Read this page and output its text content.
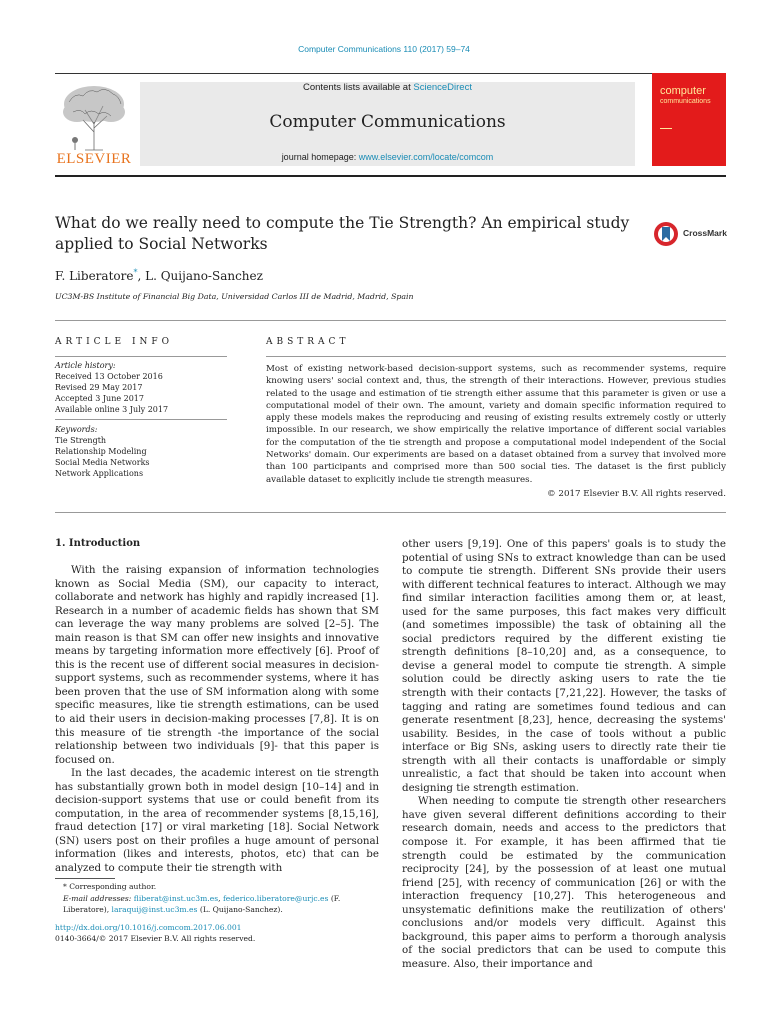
Computer Communications 110 (2017) 59–74
ELSEVIER
Contents lists available at ScienceDirect
Computer Communications
journal homepage: www.elsevier.com/locate/comcom
computer
communications
What do we really need to compute the Tie Strength? An empirical study applied to Social Networks
CrossMark
F. Liberatore*, L. Quijano-Sanchez
UC3M-BS Institute of Financial Big Data, Universidad Carlos III de Madrid, Madrid, Spain
ARTICLE INFO
Article history:
Received 13 October 2016
Revised 29 May 2017
Accepted 3 June 2017
Available online 3 July 2017
Keywords:
Tie Strength
Relationship Modeling
Social Media Networks
Network Applications
ABSTRACT
Most of existing network-based decision-support systems, such as recommender systems, require knowing users' social context and, thus, the strength of their interactions. However, previous studies related to the usage and estimation of tie strength either assume that this parameter is given or use a computational model of their own. The amount, variety and domain specific information required to apply these models makes the reproducing and reusing of existing results extremely costly or utterly impossible. In our research, we show empirically the relative importance of different social variables for the computation of the tie strength and propose a computational model independent of the Social Networks' domain. Our experiments are based on a dataset obtained from a survey that involved more than 100 participants and comprised more than 500 social ties. The dataset is the first publicly available dataset to explicitly include tie strength measures.
© 2017 Elsevier B.V. All rights reserved.
1. Introduction

With the raising expansion of information technologies known as Social Media (SM), our capacity to interact, collaborate and network has highly and rapidly increased [1]. Research in a number of academic fields has shown that SM can leverage the way many problems are solved [2–5]. The main reason is that SM can offer new insights and innovative means by targeting information more effectively [6]. Proof of this is the recent use of different social measures in decision-support systems, such as recommender systems, where it has been proven that the use of SM information along with some specific measures, like tie strength estimations, can be used to aid their users in decision-making processes [7,8]. It is on this measure of tie strength -the importance of the social relationship between two individuals [9]- that this paper is focused on.

In the last decades, the academic interest on tie strength has substantially grown both in model design [10–14] and in decision-support systems that use or could benefit from its computation, in the area of recommender systems [8,15,16], fraud detection [17] or viral marketing [18]. Social Network (SN) users post on their profiles a huge amount of personal information (likes and interests, photos, etc) that can be analyzed to compute their tie strength with

other users [9,19]. One of this papers' goals is to study the potential of using SNs to extract knowledge than can be used to compute tie strength. Different SNs provide their users with different technical features to interact. Although we may find similar interaction facilities among them or, at least, used for the same purposes, this fact makes very difficult (and sometimes impossible) the task of obtaining all the social predictors required by the different existing tie strength definitions [8–10,20] and, as a consequence, to devise a general model to compute tie strength. A simple solution could be directly asking users to rate the tie strength with their contacts [7,21,22]. However, the tasks of tagging and rating are sometimes found tedious and can generate resentment [8,23], hence, decreasing the systems' usability. Besides, in the case of tools without a public interface or Big SNs, asking users to directly rate their tie strength with all their contacts is unaffordable or simply unrealistic, a fact that should be taken into account when designing tie strength estimation.

When needing to compute tie strength other researchers have given several different definitions according to their research domain, needs and access to the predictors that compose it. For example, it has been affirmed that tie strength could be estimated by the communication reciprocity [24], by the possession of at least one mutual friend [25], with recency of communication [26] or with the interaction frequency [10,27]. This heterogeneous and unsystematic definitions make the reutilization of others' conclusions and/or models very difficult. Against this background, this paper aims to perform a thorough analysis of the social predictors that can be used to compute this measure. Also, their importance and

* Corresponding author.
E-mail addresses: fliberat@inst.uc3m.es, federico.liberatore@urjc.es (F. Liberatore), laraquij@inst.uc3m.es (L. Quijano-Sanchez).
http://dx.doi.org/10.1016/j.comcom.2017.06.001
0140-3664/© 2017 Elsevier B.V. All rights reserved.
